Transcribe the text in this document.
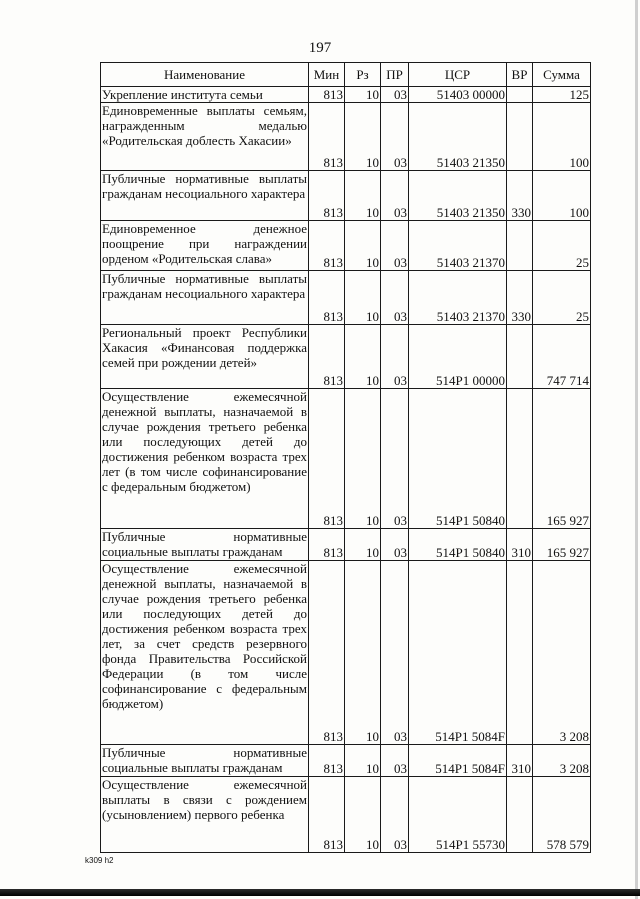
197
Наименование	Мин	Рз	ПР	ЦСР	ВР	Сумма
Укрепление института семьи	813	10	03	51403 00000		125
Единовременные выплаты семьям, награжденным медалью «Родительская доблесть Хакасии»	813	10	03	51403 21350		100
Публичные нормативные выплаты гражданам несоциального характера	813	10	03	51403 21350	330	100
Единовременное денежное поощрение при награждении орденом «Родительская слава»	813	10	03	51403 21370		25
Публичные нормативные выплаты гражданам несоциального характера	813	10	03	51403 21370	330	25
Региональный проект Республики Хакасия «Финансовая поддержка семей при рождении детей»	813	10	03	514P1 00000		747 714
Осуществление ежемесячной денежной выплаты, назначаемой в случае рождения третьего ребенка или последующих детей до достижения ребенком возраста трех лет (в том числе софинансирование с федеральным бюджетом)	813	10	03	514P1 50840		165 927
Публичные нормативные социальные выплаты гражданам	813	10	03	514P1 50840	310	165 927
Осуществление ежемесячной денежной выплаты, назначаемой в случае рождения третьего ребенка или последующих детей до достижения ребенком возраста трех лет, за счет средств резервного фонда Правительства Российской Федерации (в том числе софинансирование с федеральным бюджетом)	813	10	03	514P1 5084F		3 208
Публичные нормативные социальные выплаты гражданам	813	10	03	514P1 5084F	310	3 208
Осуществление ежемесячной выплаты в связи с рождением (усыновлением) первого ребенка	813	10	03	514P1 55730		578 579
k309 h2
